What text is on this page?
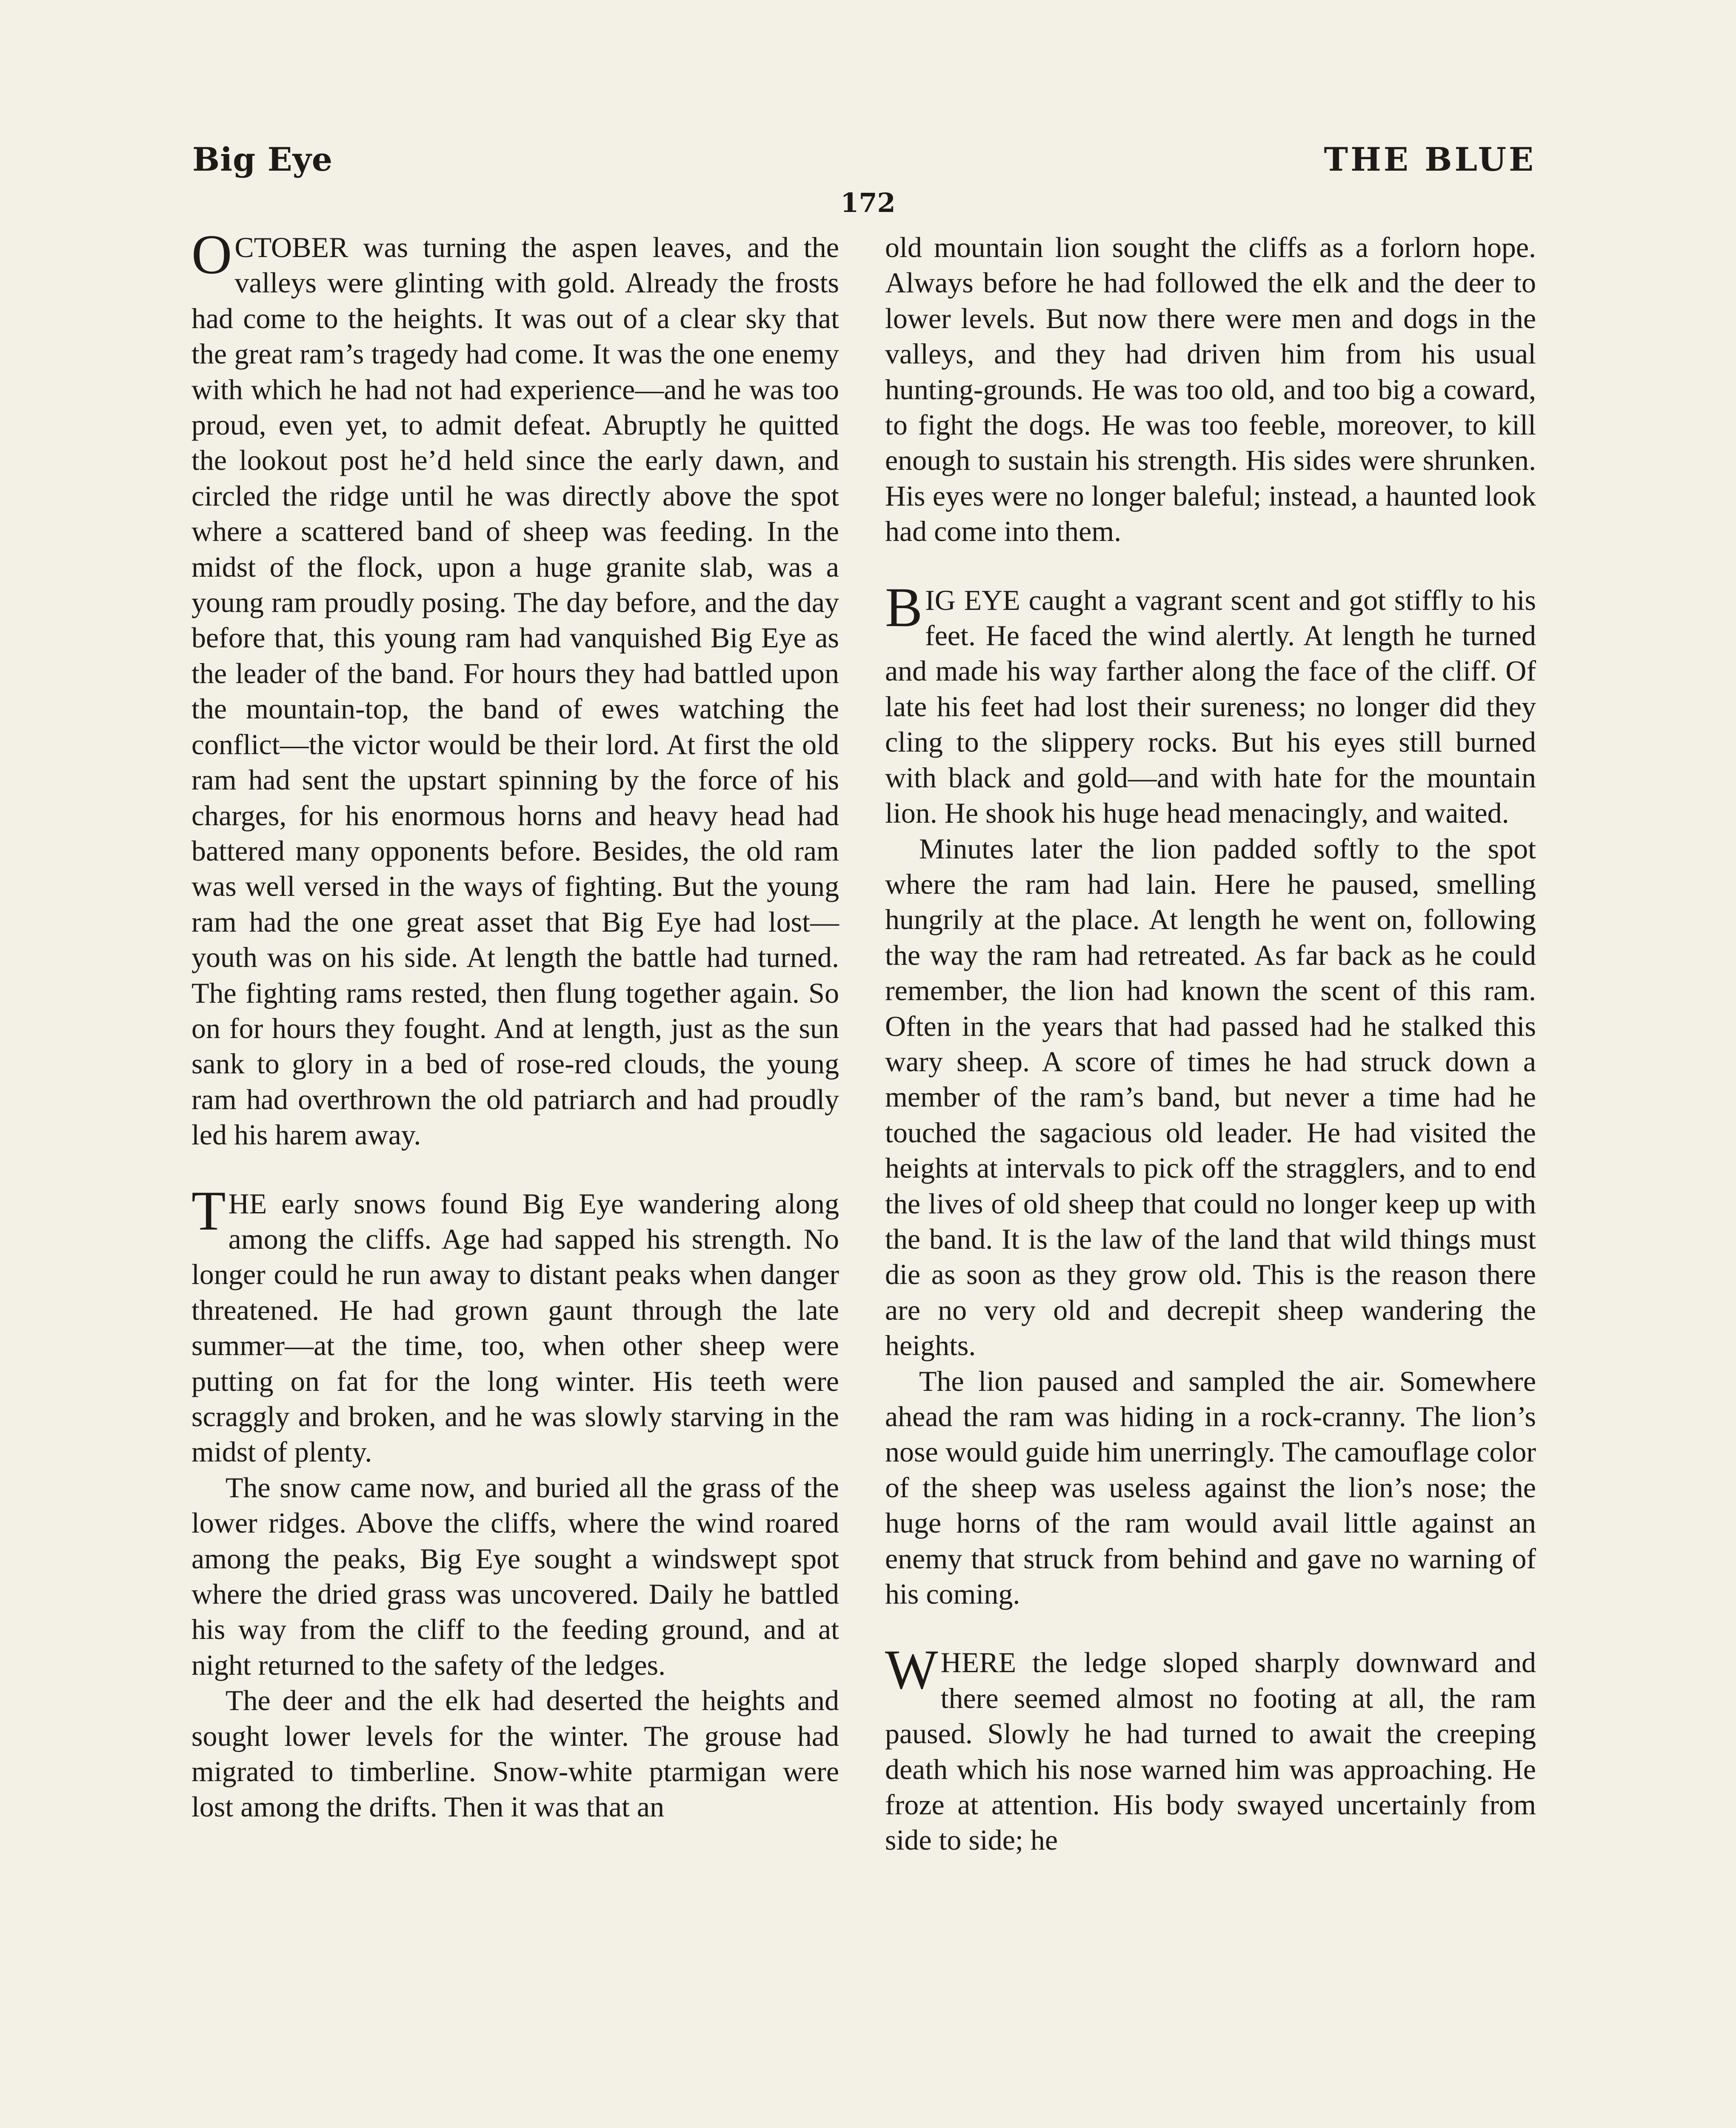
Big Eye	THE BLUE
172

OCTOBER was turning the aspen leaves, and the valleys were glinting with gold. Already the frosts had come to the heights. It was out of a clear sky that the great ram’s tragedy had come. It was the one enemy with which he had not had experience—and he was too proud, even yet, to admit defeat. Abruptly he quitted the lookout post he’d held since the early dawn, and circled the ridge until he was directly above the spot where a scattered band of sheep was feeding. In the midst of the flock, upon a huge granite slab, was a young ram proudly posing. The day before, and the day before that, this young ram had vanquished Big Eye as the leader of the band. For hours they had battled upon the mountain-top, the band of ewes watching the conflict—the victor would be their lord. At first the old ram had sent the upstart spinning by the force of his charges, for his enormous horns and heavy head had battered many opponents before. Besides, the old ram was well versed in the ways of fighting. But the young ram had the one great asset that Big Eye had lost—youth was on his side. At length the battle had turned. The fighting rams rested, then flung together again. So on for hours they fought. And at length, just as the sun sank to glory in a bed of rose-red clouds, the young ram had overthrown the old patriarch and had proudly led his harem away.

THE early snows found Big Eye wandering along among the cliffs. Age had sapped his strength. No longer could he run away to distant peaks when danger threatened. He had grown gaunt through the late summer—at the time, too, when other sheep were putting on fat for the long winter. His teeth were scraggly and broken, and he was slowly starving in the midst of plenty.

The snow came now, and buried all the grass of the lower ridges. Above the cliffs, where the wind roared among the peaks, Big Eye sought a windswept spot where the dried grass was uncovered. Daily he battled his way from the cliff to the feeding ground, and at night returned to the safety of the ledges.

The deer and the elk had deserted the heights and sought lower levels for the winter. The grouse had migrated to timberline. Snow-white ptarmigan were lost among the drifts. Then it was that an

old mountain lion sought the cliffs as a forlorn hope. Always before he had followed the elk and the deer to lower levels. But now there were men and dogs in the valleys, and they had driven him from his usual hunting-grounds. He was too old, and too big a coward, to fight the dogs. He was too feeble, moreover, to kill enough to sustain his strength. His sides were shrunken. His eyes were no longer baleful; instead, a haunted look had come into them.

BIG EYE caught a vagrant scent and got stiffly to his feet. He faced the wind alertly. At length he turned and made his way farther along the face of the cliff. Of late his feet had lost their sureness; no longer did they cling to the slippery rocks. But his eyes still burned with black and gold—and with hate for the mountain lion. He shook his huge head menacingly, and waited.

Minutes later the lion padded softly to the spot where the ram had lain. Here he paused, smelling hungrily at the place. At length he went on, following the way the ram had retreated. As far back as he could remember, the lion had known the scent of this ram. Often in the years that had passed had he stalked this wary sheep. A score of times he had struck down a member of the ram’s band, but never a time had he touched the sagacious old leader. He had visited the heights at intervals to pick off the stragglers, and to end the lives of old sheep that could no longer keep up with the band. It is the law of the land that wild things must die as soon as they grow old. This is the reason there are no very old and decrepit sheep wandering the heights.

The lion paused and sampled the air. Somewhere ahead the ram was hiding in a rock-cranny. The lion’s nose would guide him unerringly. The camouflage color of the sheep was useless against the lion’s nose; the huge horns of the ram would avail little against an enemy that struck from behind and gave no warning of his coming.

WHERE the ledge sloped sharply downward and there seemed almost no footing at all, the ram paused. Slowly he had turned to await the creeping death which his nose warned him was approaching. He froze at attention. His body swayed uncertainly from side to side; he
